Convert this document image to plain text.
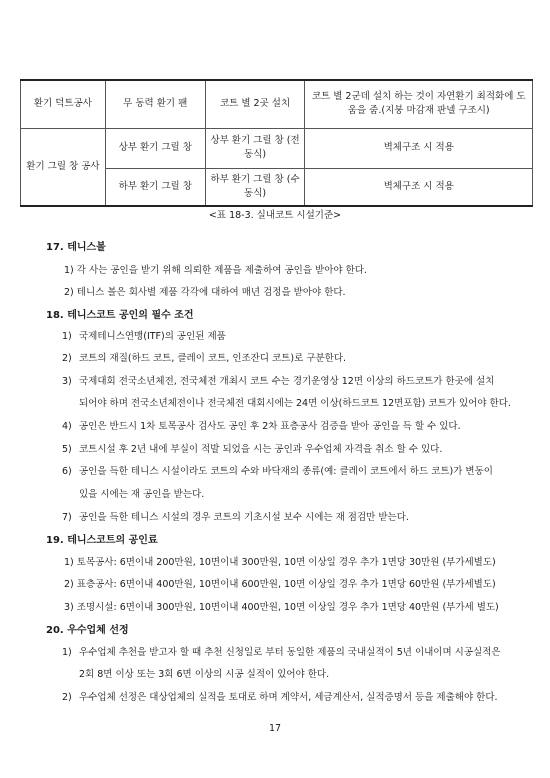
환기 덕트공사	무 동력 환기 팬	코트 별 2곳 설치	코트 별 2군데 설치 하는 것이 자연환기 최적화에 도움을 줌.(지붕 마감재 판넬 구조시)
환기 그릴 창 공사	상부 환기 그릴 창	상부 환기 그릴 창 (전동식)	벽체구조 시 적용
	하부 환기 그릴 창	하부 환기 그릴 창 (수동식)	벽체구조 시 적용
<표 18-3. 실내코트 시설기준>
17. 테니스볼
1) 각 사는 공인을 받기 위해 의뢰한 제품을 제출하여 공인을 받아야 한다.
2) 테니스 볼은 회사별 제품 각각에 대하여 매년 검정을 받아야 한다.
18. 테니스코트 공인의 필수 조건
1) 국제테니스연맹(ITF)의 공인된 제품
2) 코트의 재질(하드 코트, 클레이 코트, 인조잔디 코트)로 구분한다.
3) 국제대회 전국소년체전, 전국체전 개최시 코트 수는 경기운영상 12면 이상의 하드코트가 한곳에 설치
되어야 하며 전국소년체전이나 전국체전 대회시에는 24면 이상(하드코트 12면포함) 코트가 있어야 한다.
4) 공인은 반드시 1차 토목공사 검사도 공인 후 2차 표층공사 검증을 받아 공인을 득 할 수 있다.
5) 코트시설 후 2년 내에 부실이 적발 되었을 시는 공인과 우수업체 자격을 취소 할 수 있다.
6) 공인을 득한 테니스 시설이라도 코트의 수와 바닥재의 종류(예: 클레이 코트에서 하드 코트)가 변동이
있을 시에는 재 공인을 받는다.
7) 공인을 득한 테니스 시설의 경우 코트의 기초시설 보수 시에는 재 점검만 받는다.
19. 테니스코트의 공인료
1) 토목공사: 6면이내 200만원, 10면이내 300만원, 10면 이상일 경우 추가 1면당 30만원 (부가세별도)
2) 표층공사: 6면이내 400만원, 10면이내 600만원, 10면 이상일 경우 추가 1면당 60만원 (부가세별도)
3) 조명시설: 6면이내 300만원, 10면이내 400만원, 10면 이상일 경우 추가 1면당 40만원 (부가세 별도)
20. 우수업체 선정
1) 우수업체 추천을 받고자 할 때 추천 신청일로 부터 동일한 제품의 국내실적이 5년 이내이며 시공실적은
2회 8면 이상 또는 3회 6면 이상의 시공 실적이 있어야 한다.
2) 우수업체 선정은 대상업체의 실적을 토대로 하며 계약서, 세금계산서, 실적증명서 등을 제출해야 한다.
17
